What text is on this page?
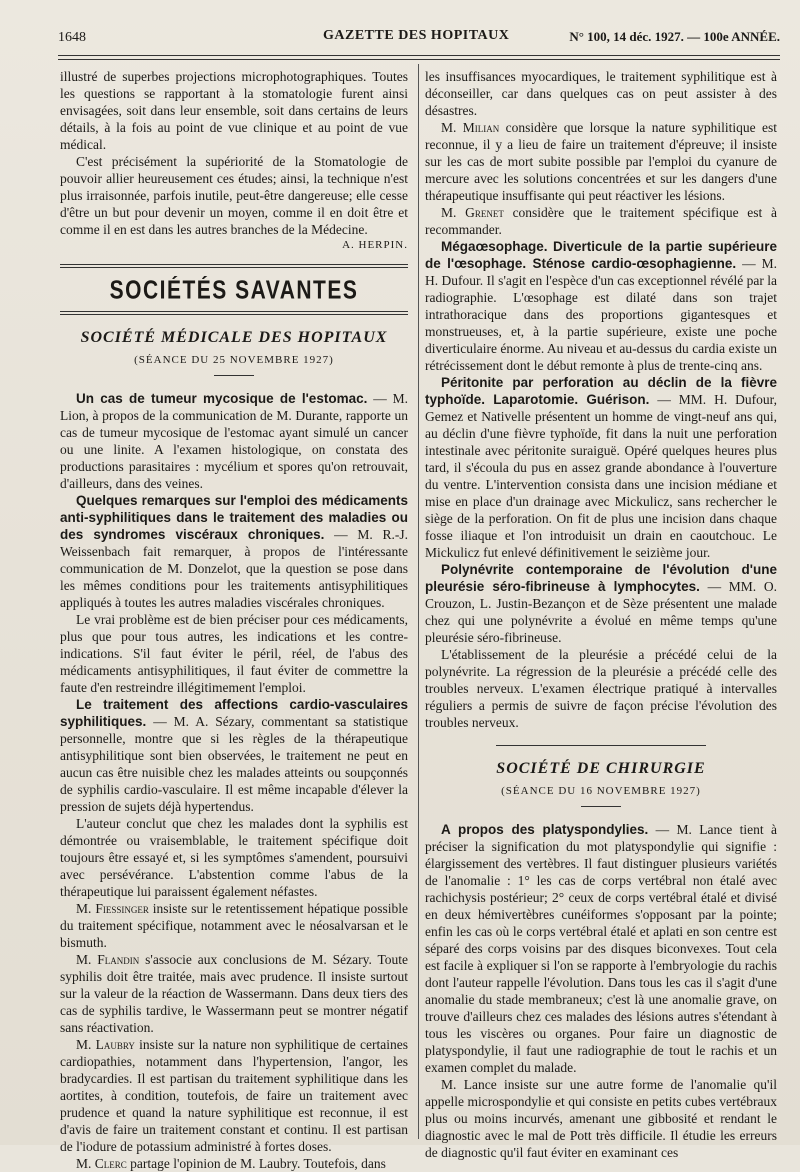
1648	GAZETTE DES HOPITAUX	N° 100, 14 déc. 1927. — 100e ANNÉE.

illustré de superbes projections microphotographiques. Toutes les questions se rapportant à la stomatologie furent ainsi envisagées, soit dans leur ensemble, soit dans certains de leurs détails, à la fois au point de vue clinique et au point de vue médical.

C'est précisément la supériorité de la Stomatologie de pouvoir allier heureusement ces études; ainsi, la technique n'est plus irraisonnée, parfois inutile, peut-être dangereuse; elle cesse d'être un but pour devenir un moyen, comme il en doit être et comme il en est dans les autres branches de la Médecine.

A. HERPIN.
SOCIÉTÉS SAVANTES
SOCIÉTÉ MÉDICALE DES HOPITAUX
(SÉANCE DU 25 NOVEMBRE 1927)

Un cas de tumeur mycosique de l'estomac. — M. Lion, à propos de la communication de M. Durante, rapporte un cas de tumeur mycosique de l'estomac ayant simulé un cancer ou une linite. A l'examen histologique, on constata des productions parasitaires : mycélium et spores qu'on retrouvait, d'ailleurs, dans des veines.

Quelques remarques sur l'emploi des médicaments anti-syphilitiques dans le traitement des maladies ou des syndromes viscéraux chroniques. — M. R.-J. Weissenbach fait remarquer, à propos de l'intéressante communication de M. Donzelot, que la question se pose dans les mêmes conditions pour les traitements antisyphilitiques appliqués à toutes les autres maladies viscérales chroniques.

Le vrai problème est de bien préciser pour ces médicaments, plus que pour tous autres, les indications et les contre-indications. S'il faut éviter le péril, réel, de l'abus des médicaments antisyphilitiques, il faut éviter de commettre la faute d'en restreindre illégitimement l'emploi.

Le traitement des affections cardio-vasculaires syphilitiques. — M. A. Sézary, commentant sa statistique personnelle, montre que si les règles de la thérapeutique antisyphilitique sont bien observées, le traitement ne peut en aucun cas être nuisible chez les malades atteints ou soupçonnés de syphilis cardio-vasculaire. Il est même incapable d'élever la pression de sujets déjà hypertendus.

L'auteur conclut que chez les malades dont la syphilis est démontrée ou vraisemblable, le traitement spécifique doit toujours être essayé et, si les symptômes s'amendent, poursuivi avec persévérance. L'abstention comme l'abus de la thérapeutique lui paraissent également néfastes.

M. Fiessinger insiste sur le retentissement hépatique possible du traitement spécifique, notamment avec le néosalvarsan et le bismuth.

M. Flandin s'associe aux conclusions de M. Sézary. Toute syphilis doit être traitée, mais avec prudence. Il insiste surtout sur la valeur de la réaction de Wassermann. Dans deux tiers des cas de syphilis tardive, le Wassermann peut se montrer négatif sans réactivation.

M. Laubry insiste sur la nature non syphilitique de certaines cardiopathies, notamment dans l'hypertension, l'angor, les bradycardies. Il est partisan du traitement syphilitique dans les aortites, à condition, toutefois, de faire un traitement avec prudence et quand la nature syphilitique est reconnue, il est d'avis de faire un traitement constant et continu. Il est partisan de l'iodure de potassium administré à fortes doses.

M. Clerc partage l'opinion de M. Laubry. Toutefois, dans

les insuffisances myocardiques, le traitement syphilitique est à déconseiller, car dans quelques cas on peut assister à des désastres.

M. Milian considère que lorsque la nature syphilitique est reconnue, il y a lieu de faire un traitement d'épreuve; il insiste sur les cas de mort subite possible par l'emploi du cyanure de mercure avec les solutions concentrées et sur les dangers d'une thérapeutique insuffisante qui peut réactiver les lésions.

M. Grenet considère que le traitement spécifique est à recommander.

Mégaœsophage. Diverticule de la partie supérieure de l'œsophage. Sténose cardio-œsophagienne. — M. H. Dufour. Il s'agit en l'espèce d'un cas exceptionnel révélé par la radiographie. L'œsophage est dilaté dans son trajet intrathoracique dans des proportions gigantesques et monstrueuses, et, à la partie supérieure, existe une poche diverticulaire énorme. Au niveau et au-dessus du cardia existe un rétrécissement dont le début remonte à plus de trente-cinq ans.

Péritonite par perforation au déclin de la fièvre typhoïde. Laparotomie. Guérison. — MM. H. Dufour, Gemez et Nativelle présentent un homme de vingt-neuf ans qui, au déclin d'une fièvre typhoïde, fit dans la nuit une perforation intestinale avec péritonite suraiguë. Opéré quelques heures plus tard, il s'écoula du pus en assez grande abondance à l'ouverture du ventre. L'intervention consista dans une incision médiane et mise en place d'un drainage avec Mickulicz, sans rechercher le siège de la perforation. On fit de plus une incision dans chaque fosse iliaque et l'on introduisit un drain en caoutchouc. Le Mickulicz fut enlevé définitivement le seizième jour.

Polynévrite contemporaine de l'évolution d'une pleurésie séro-fibrineuse à lymphocytes. — MM. O. Crouzon, L. Justin-Bezançon et de Sèze présentent une malade chez qui une polynévrite a évolué en même temps qu'une pleurésie séro-fibrineuse.

L'établissement de la pleurésie a précédé celui de la polynévrite. La régression de la pleurésie a précédé celle des troubles nerveux. L'examen électrique pratiqué à intervalles réguliers a permis de suivre de façon précise l'évolution des troubles nerveux.

SOCIÉTÉ DE CHIRURGIE
(SÉANCE DU 16 NOVEMBRE 1927)

A propos des platyspondylies. — M. Lance tient à préciser la signification du mot platyspondylie qui signifie : élargissement des vertèbres. Il faut distinguer plusieurs variétés de l'anomalie : 1° les cas de corps vertébral non étalé avec rachichysis postérieur; 2° ceux de corps vertébral étalé et divisé en deux hémivertèbres cunéiformes s'opposant par la pointe; enfin les cas où le corps vertébral étalé et aplati en son centre est séparé des corps voisins par des disques biconvexes. Tout cela est facile à expliquer si l'on se rapporte à l'embryologie du rachis dont l'auteur rappelle l'évolution. Dans tous les cas il s'agit d'une anomalie du stade membraneux; c'est là une anomalie grave, on trouve d'ailleurs chez ces malades des lésions autres s'étendant à tous les viscères ou organes. Pour faire un diagnostic de platyspondylie, il faut une radiographie de tout le rachis et un examen complet du malade.

M. Lance insiste sur une autre forme de l'anomalie qu'il appelle microspondylie et qui consiste en petits cubes vertébraux plus ou moins incurvés, amenant une gibbosité et rendant le diagnostic avec le mal de Pott très difficile. Il étudie les erreurs de diagnostic qu'il faut éviter en examinant ces
